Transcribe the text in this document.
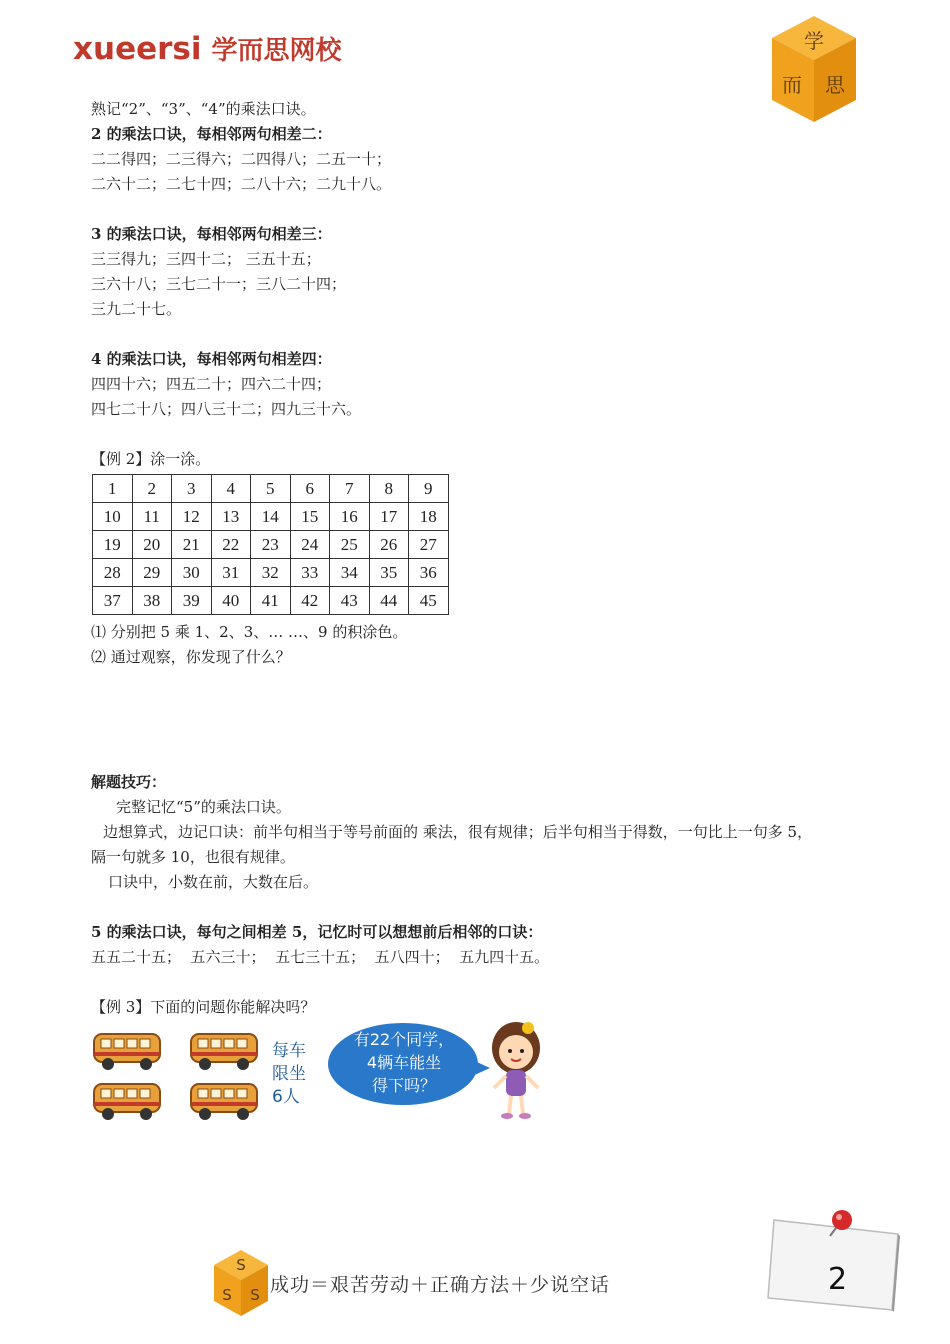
xueersi 学而思网校	学
而 思
熟记“2”、“3”、“4”的乘法口诀。
2 的乘法口诀，每相邻两句相差二：
二二得四；二三得六；二四得八；二五一十；
二六十二；二七十四；二八十六；二九十八。
3 的乘法口诀，每相邻两句相差三：
三三得九；三四十二； 三五十五；
三六十八；三七二十一；三八二十四；
三九二十七。
4 的乘法口诀，每相邻两句相差四：
四四十六；四五二十；四六二十四；
四七二十八；四八三十二；四九三十六。
【例 2】涂一涂。
1	2	3	4	5	6	7	8	9
10	11	12	13	14	15	16	17	18
19	20	21	22	23	24	25	26	27
28	29	30	31	32	33	34	35	36
37	38	39	40	41	42	43	44	45
⑴ 分别把 5 乘 1、2、3、… …、9 的积涂色。
⑵ 通过观察，你发现了什么？
解题技巧：
完整记忆“5”的乘法口诀。
边想算式，边记口诀：前半句相当于等号前面的 乘法，很有规律；后半句相当于得数，一句比上一句多 5，
隔一句就多 10，也很有规律。
口诀中，小数在前，大数在后。
5 的乘法口诀，每句之间相差 5，记忆时可以想想前后相邻的口诀：
五五二十五；  五六三十；  五七三十五；  五八四十；  五九四十五。
【例 3】下面的问题你能解决吗？
每车
限坐
6人
有22个同学，
4辆车能坐
得下吗？
S
S S 成功＝艰苦劳动＋正确方法＋少说空话	2
